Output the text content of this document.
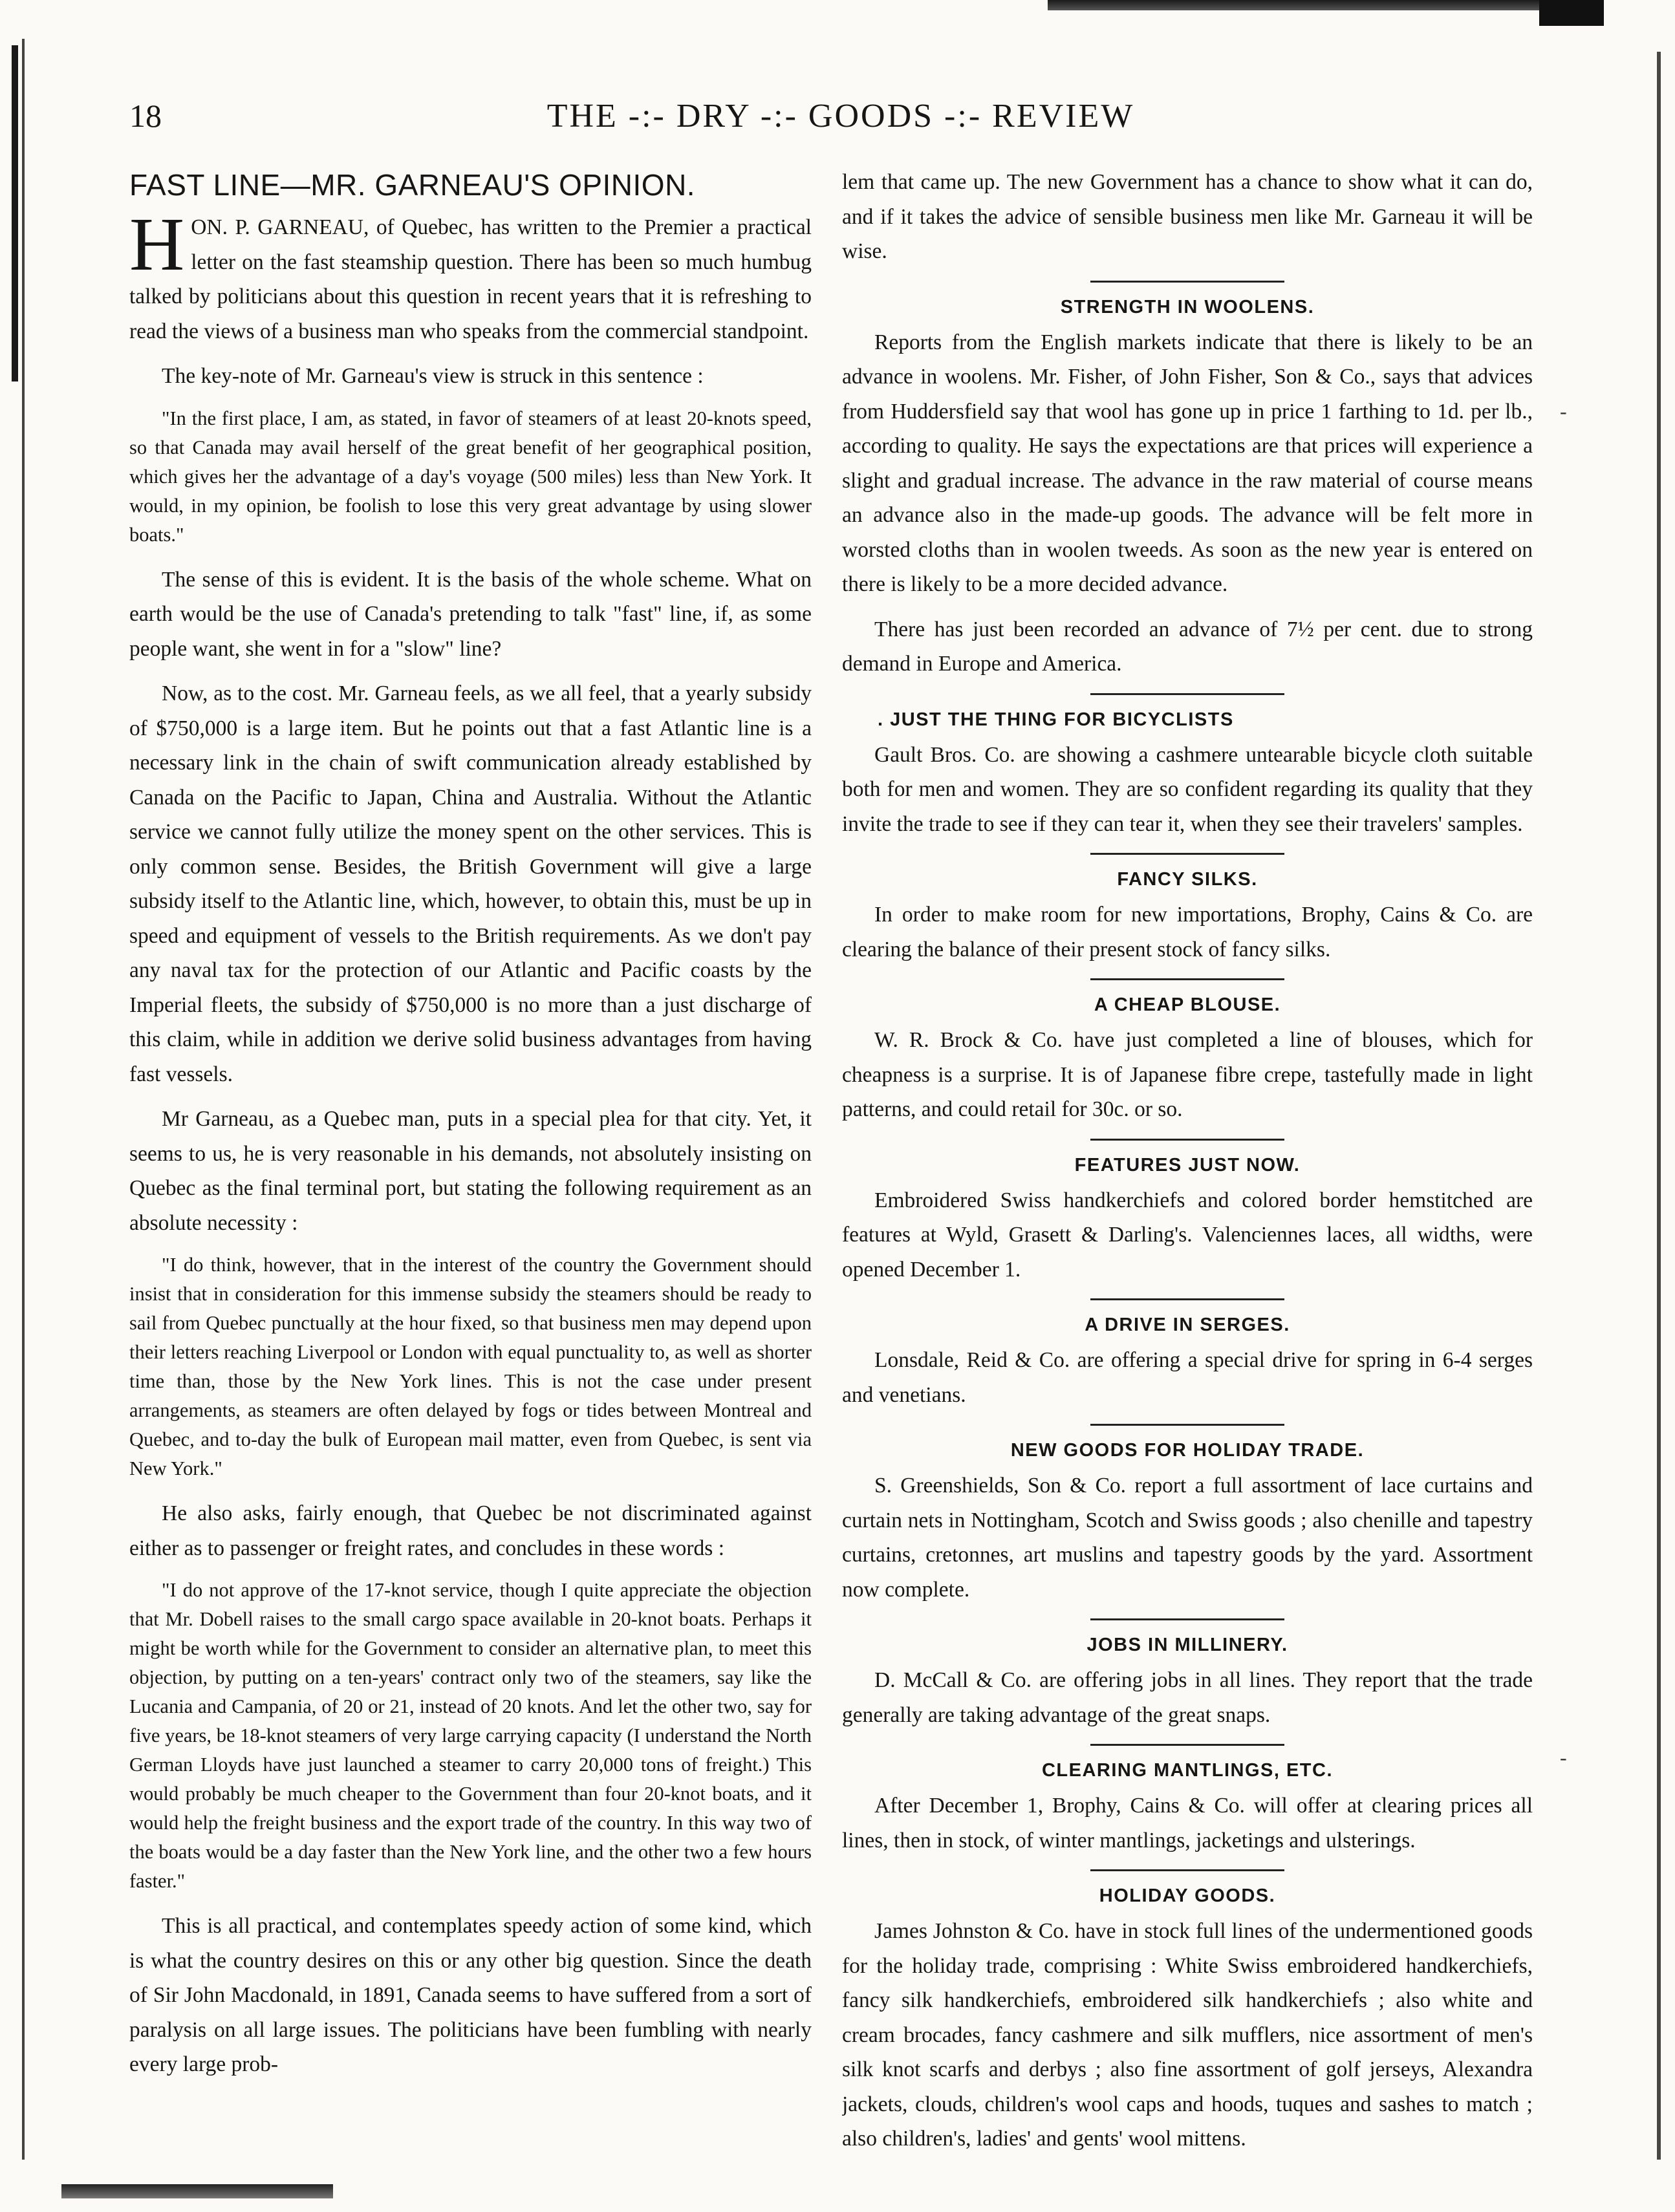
-
-
18	THE -:- DRY -:- GOODS -:- REVIEW
FAST LINE—MR. GARNEAU'S OPINION.

HON. P. GARNEAU, of Quebec, has written to the Premier a practical letter on the fast steamship question. There has been so much humbug talked by politicians about this question in recent years that it is refreshing to read the views of a business man who speaks from the commercial standpoint.

The key-note of Mr. Garneau's view is struck in this sentence :

"In the first place, I am, as stated, in favor of steamers of at least 20-knots speed, so that Canada may avail herself of the great benefit of her geographical position, which gives her the advantage of a day's voyage (500 miles) less than New York. It would, in my opinion, be foolish to lose this very great advantage by using slower boats."

The sense of this is evident. It is the basis of the whole scheme. What on earth would be the use of Canada's pretending to talk "fast" line, if, as some people want, she went in for a "slow" line?

Now, as to the cost. Mr. Garneau feels, as we all feel, that a yearly subsidy of $750,000 is a large item. But he points out that a fast Atlantic line is a necessary link in the chain of swift communication already established by Canada on the Pacific to Japan, China and Australia. Without the Atlantic service we cannot fully utilize the money spent on the other services. This is only common sense. Besides, the British Government will give a large subsidy itself to the Atlantic line, which, however, to obtain this, must be up in speed and equipment of vessels to the British requirements. As we don't pay any naval tax for the protection of our Atlantic and Pacific coasts by the Imperial fleets, the subsidy of $750,000 is no more than a just discharge of this claim, while in addition we derive solid business advantages from having fast vessels.

Mr Garneau, as a Quebec man, puts in a special plea for that city. Yet, it seems to us, he is very reasonable in his demands, not absolutely insisting on Quebec as the final terminal port, but stating the following requirement as an absolute necessity :

"I do think, however, that in the interest of the country the Government should insist that in consideration for this immense subsidy the steamers should be ready to sail from Quebec punctually at the hour fixed, so that business men may depend upon their letters reaching Liverpool or London with equal punctuality to, as well as shorter time than, those by the New York lines. This is not the case under present arrangements, as steamers are often delayed by fogs or tides between Montreal and Quebec, and to-day the bulk of European mail matter, even from Quebec, is sent via New York."

He also asks, fairly enough, that Quebec be not discriminated against either as to passenger or freight rates, and concludes in these words :

"I do not approve of the 17-knot service, though I quite appreciate the objection that Mr. Dobell raises to the small cargo space available in 20-knot boats. Perhaps it might be worth while for the Government to consider an alternative plan, to meet this objection, by putting on a ten-years' contract only two of the steamers, say like the Lucania and Campania, of 20 or 21, instead of 20 knots. And let the other two, say for five years, be 18-knot steamers of very large carrying capacity (I understand the North German Lloyds have just launched a steamer to carry 20,000 tons of freight.) This would probably be much cheaper to the Government than four 20-knot boats, and it would help the freight business and the export trade of the country. In this way two of the boats would be a day faster than the New York line, and the other two a few hours faster."

This is all practical, and contemplates speedy action of some kind, which is what the country desires on this or any other big question. Since the death of Sir John Macdonald, in 1891, Canada seems to have suffered from a sort of paralysis on all large issues. The politicians have been fumbling with nearly every large prob-

lem that came up. The new Government has a chance to show what it can do, and if it takes the advice of sensible business men like Mr. Garneau it will be wise.

STRENGTH IN WOOLENS.

Reports from the English markets indicate that there is likely to be an advance in woolens. Mr. Fisher, of John Fisher, Son & Co., says that advices from Huddersfield say that wool has gone up in price 1 farthing to 1d. per lb., according to quality. He says the expectations are that prices will experience a slight and gradual increase. The advance in the raw material of course means an advance also in the made-up goods. The advance will be felt more in worsted cloths than in woolen tweeds. As soon as the new year is entered on there is likely to be a more decided advance.

There has just been recorded an advance of 7½ per cent. due to strong demand in Europe and America.

. JUST THE THING FOR BICYCLISTS

Gault Bros. Co. are showing a cashmere untearable bicycle cloth suitable both for men and women. They are so confident regarding its quality that they invite the trade to see if they can tear it, when they see their travelers' samples.

FANCY SILKS.

In order to make room for new importations, Brophy, Cains & Co. are clearing the balance of their present stock of fancy silks.

A CHEAP BLOUSE.

W. R. Brock & Co. have just completed a line of blouses, which for cheapness is a surprise. It is of Japanese fibre crepe, tastefully made in light patterns, and could retail for 30c. or so.

FEATURES JUST NOW.

Embroidered Swiss handkerchiefs and colored border hemstitched are features at Wyld, Grasett & Darling's. Valenciennes laces, all widths, were opened December 1.

A DRIVE IN SERGES.

Lonsdale, Reid & Co. are offering a special drive for spring in 6-4 serges and venetians.

NEW GOODS FOR HOLIDAY TRADE.

S. Greenshields, Son & Co. report a full assortment of lace curtains and curtain nets in Nottingham, Scotch and Swiss goods ; also chenille and tapestry curtains, cretonnes, art muslins and tapestry goods by the yard. Assortment now complete.

JOBS IN MILLINERY.

D. McCall & Co. are offering jobs in all lines. They report that the trade generally are taking advantage of the great snaps.

CLEARING MANTLINGS, ETC.

After December 1, Brophy, Cains & Co. will offer at clearing prices all lines, then in stock, of winter mantlings, jacketings and ulsterings.

HOLIDAY GOODS.

James Johnston & Co. have in stock full lines of the undermentioned goods for the holiday trade, comprising : White Swiss embroidered handkerchiefs, fancy silk handkerchiefs, embroidered silk handkerchiefs ; also white and cream brocades, fancy cashmere and silk mufflers, nice assortment of men's silk knot scarfs and derbys ; also fine assortment of golf jerseys, Alexandra jackets, clouds, children's wool caps and hoods, tuques and sashes to match ; also children's, ladies' and gents' wool mittens.
